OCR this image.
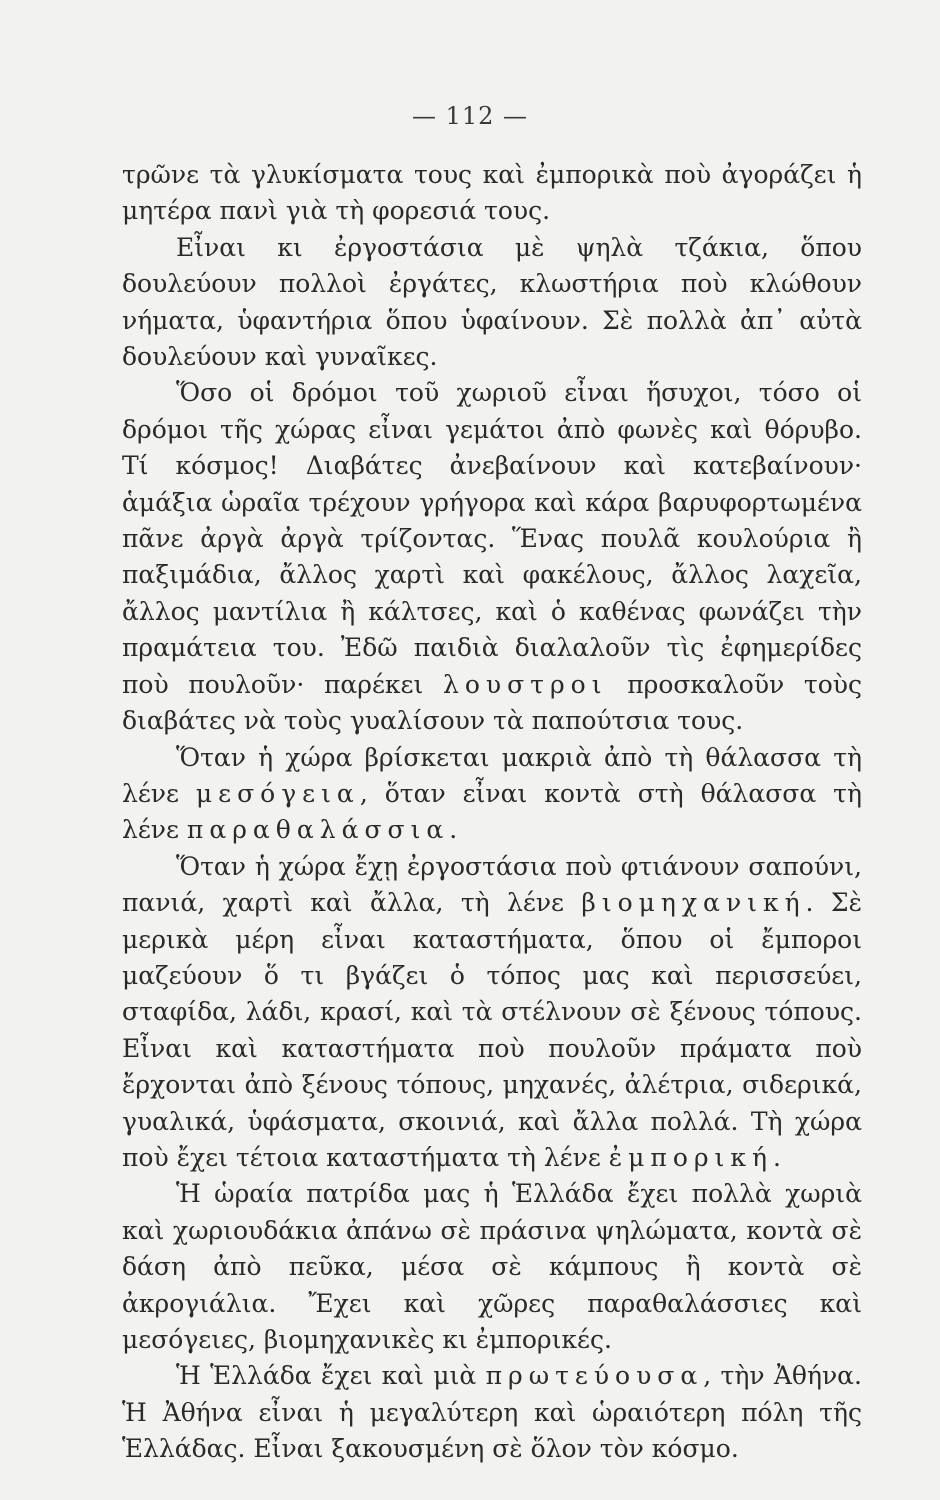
— 112 —

τρῶνε τὰ γλυκίσματα τους καὶ ἐμπορικὰ ποὺ ἀγοράζει ἡ μητέρα πανὶ γιὰ τὴ φορεσιά τους.

Εἶναι κι ἐργοστάσια μὲ ψηλὰ τζάκια, ὅπου δουλεύουν πολλοὶ ἐργάτες, κλωστήρια ποὺ κλώθουν νήματα, ὑφαντήρια ὅπου ὑφαίνουν. Σὲ πολλὰ ἀπ᾿ αὐτὰ δουλεύουν καὶ γυναῖκες.

Ὅσο οἱ δρόμοι τοῦ χωριοῦ εἶναι ἥσυχοι, τόσο οἱ δρόμοι τῆς χώρας εἶναι γεμάτοι ἀπὸ φωνὲς καὶ θόρυβο. Τί κόσμος! Διαβάτες ἀνεβαίνουν καὶ κατεβαίνουν· ἁμάξια ὡραῖα τρέχουν γρήγορα καὶ κάρα βαρυφορτωμένα πᾶνε ἀργὰ ἀργὰ τρίζοντας. Ἕνας πουλᾶ κουλούρια ἢ παξιμάδια, ἄλλος χαρτὶ καὶ φακέλους, ἄλλος λαχεῖα, ἄλλος μαντίλια ἢ κάλτσες, καὶ ὁ καθένας φωνάζει τὴν πραμάτεια του. Ἐδῶ παιδιὰ διαλαλοῦν τὶς ἐφημερίδες ποὺ πουλοῦν· παρέκει λουστροι προσκαλοῦν τοὺς διαβάτες νὰ τοὺς γυαλίσουν τὰ παπούτσια τους.

Ὅταν ἡ χώρα βρίσκεται μακριὰ ἀπὸ τὴ θάλασσα τὴ λένε μεσόγεια, ὅταν εἶναι κοντὰ στὴ θάλασσα τὴ λένε παραθαλάσσια.

Ὅταν ἡ χώρα ἔχῃ ἐργοστάσια ποὺ φτιάνουν σαπούνι, πανιά, χαρτὶ καὶ ἄλλα, τὴ λένε βιομηχανική. Σὲ μερικὰ μέρη εἶναι καταστήματα, ὅπου οἱ ἔμποροι μαζεύουν ὅ τι βγάζει ὁ τόπος μας καὶ περισσεύει, σταφίδα, λάδι, κρασί, καὶ τὰ στέλνουν σὲ ξένους τόπους. Εἶναι καὶ καταστήματα ποὺ πουλοῦν πράματα ποὺ ἔρχονται ἀπὸ ξένους τόπους, μηχανές, ἀλέτρια, σιδερικά, γυαλικά, ὑφάσματα, σκοινιά, καὶ ἄλλα πολλά. Τὴ χώρα ποὺ ἔχει τέτοια καταστήματα τὴ λένε ἐμπορική.

Ἡ ὡραία πατρίδα μας ἡ Ἑλλάδα ἔχει πολλὰ χωριὰ καὶ χωριουδάκια ἀπάνω σὲ πράσινα ψηλώματα, κοντὰ σὲ δάση ἀπὸ πεῦκα, μέσα σὲ κάμπους ἢ κοντὰ σὲ ἀκρογιάλια. Ἔχει καὶ χῶρες παραθαλάσσιες καὶ μεσόγειες, βιομηχανικὲς κι ἐμπορικές.

Ἡ Ἑλλάδα ἔχει καὶ μιὰ πρωτεύουσα, τὴν Ἀθήνα. Ἡ Ἀθήνα εἶναι ἡ μεγαλύτερη καὶ ὡραιότερη πόλη τῆς Ἑλλάδας. Εἶναι ξακουσμένη σὲ ὅλον τὸν κόσμο.
